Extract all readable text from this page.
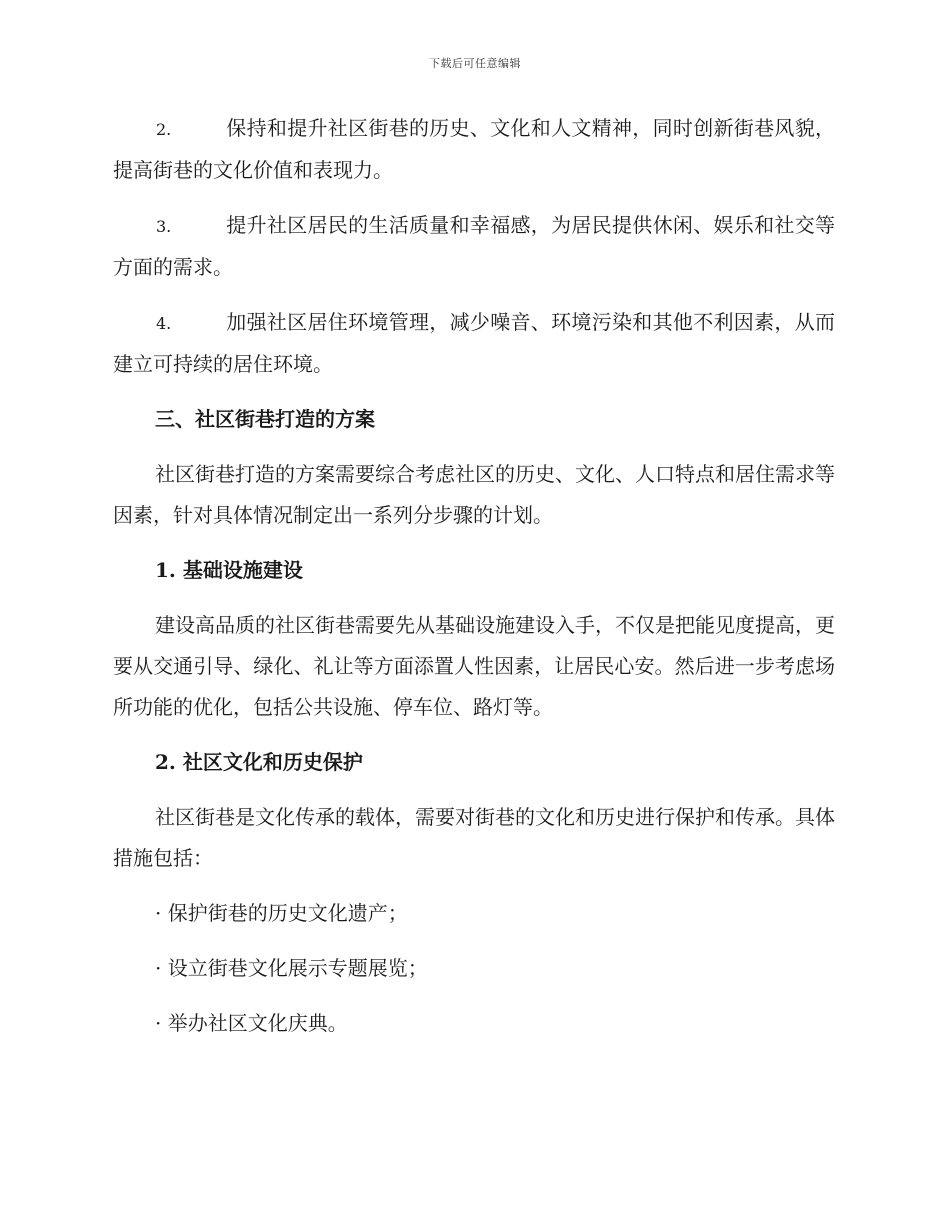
下载后可任意编辑

2.	保持和提升社区街巷的历史、文化和人文精神，同时创新街巷风貌，提高街巷的文化价值和表现力。

3.	提升社区居民的生活质量和幸福感，为居民提供休闲、娱乐和社交等方面的需求。

4.	加强社区居住环境管理，减少噪音、环境污染和其他不利因素，从而建立可持续的居住环境。

三、社区街巷打造的方案

社区街巷打造的方案需要综合考虑社区的历史、文化、人口特点和居住需求等因素，针对具体情况制定出一系列分步骤的计划。

1. 基础设施建设

建设高品质的社区街巷需要先从基础设施建设入手，不仅是把能见度提高，更要从交通引导、绿化、礼让等方面添置人性因素，让居民心安。然后进一步考虑场所功能的优化，包括公共设施、停车位、路灯等。

2. 社区文化和历史保护

社区街巷是文化传承的载体，需要对街巷的文化和历史进行保护和传承。具体措施包括：

· 保护街巷的历史文化遗产；
· 设立街巷文化展示专题展览；
· 举办社区文化庆典。
